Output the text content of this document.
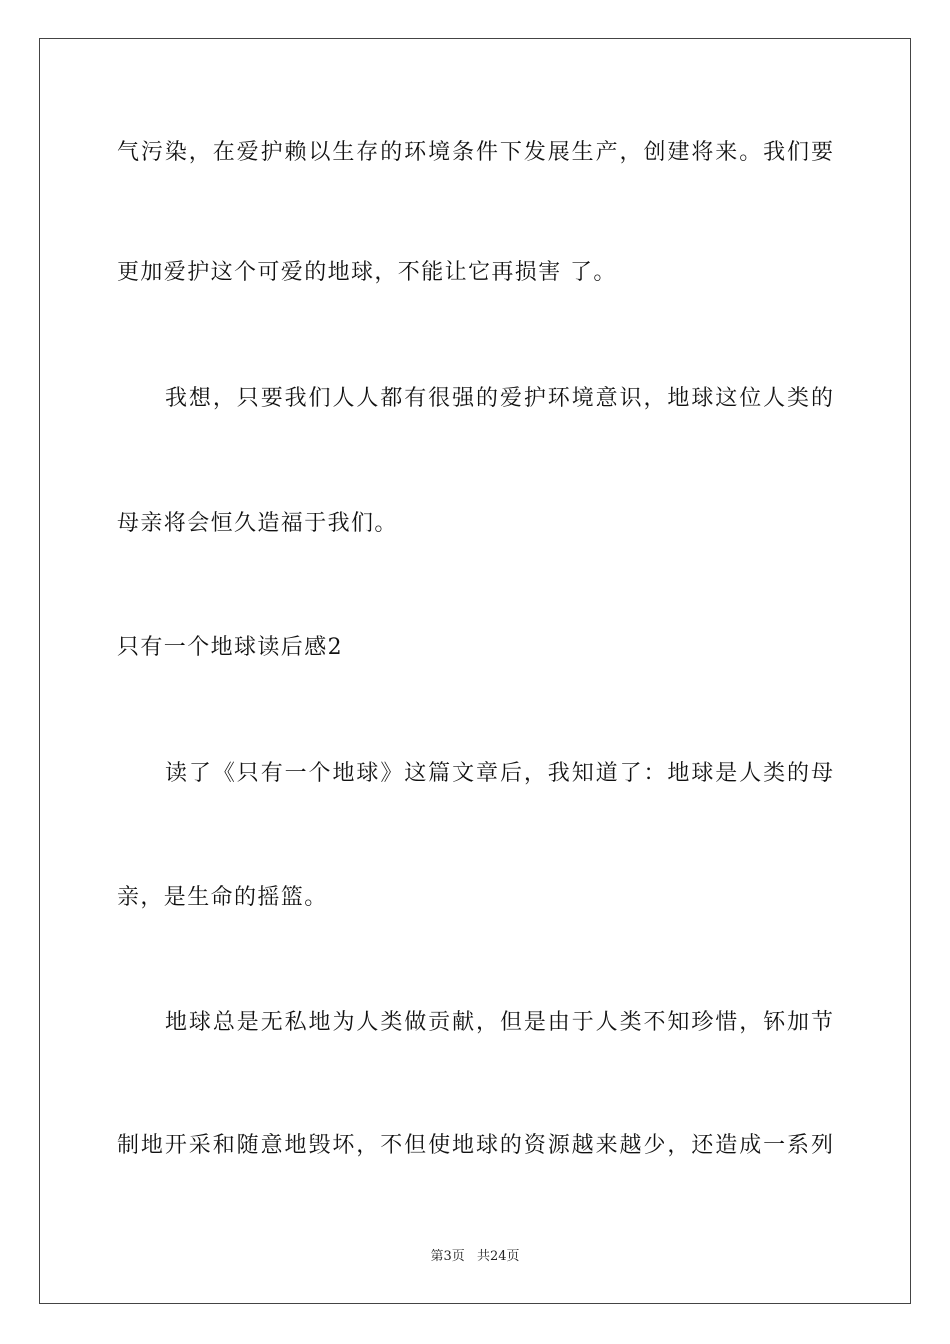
气污染，在爱护赖以生存的环境条件下发展生产，创建将来。我们要
更加爱护这个可爱的地球，不能让它再损害 了。
我想，只要我们人人都有很强的爱护环境意识，地球这位人类的
母亲将会恒久造福于我们。
只有一个地球读后感2
读了《只有一个地球》这篇文章后，我知道了：地球是人类的母
亲，是生命的摇篮。
地球总是无私地为人类做贡献，但是由于人类不知珍惜，钚加节
制地开采和随意地毁坏，不但使地球的资源越来越少，还造成一系列
第3页 共24页
